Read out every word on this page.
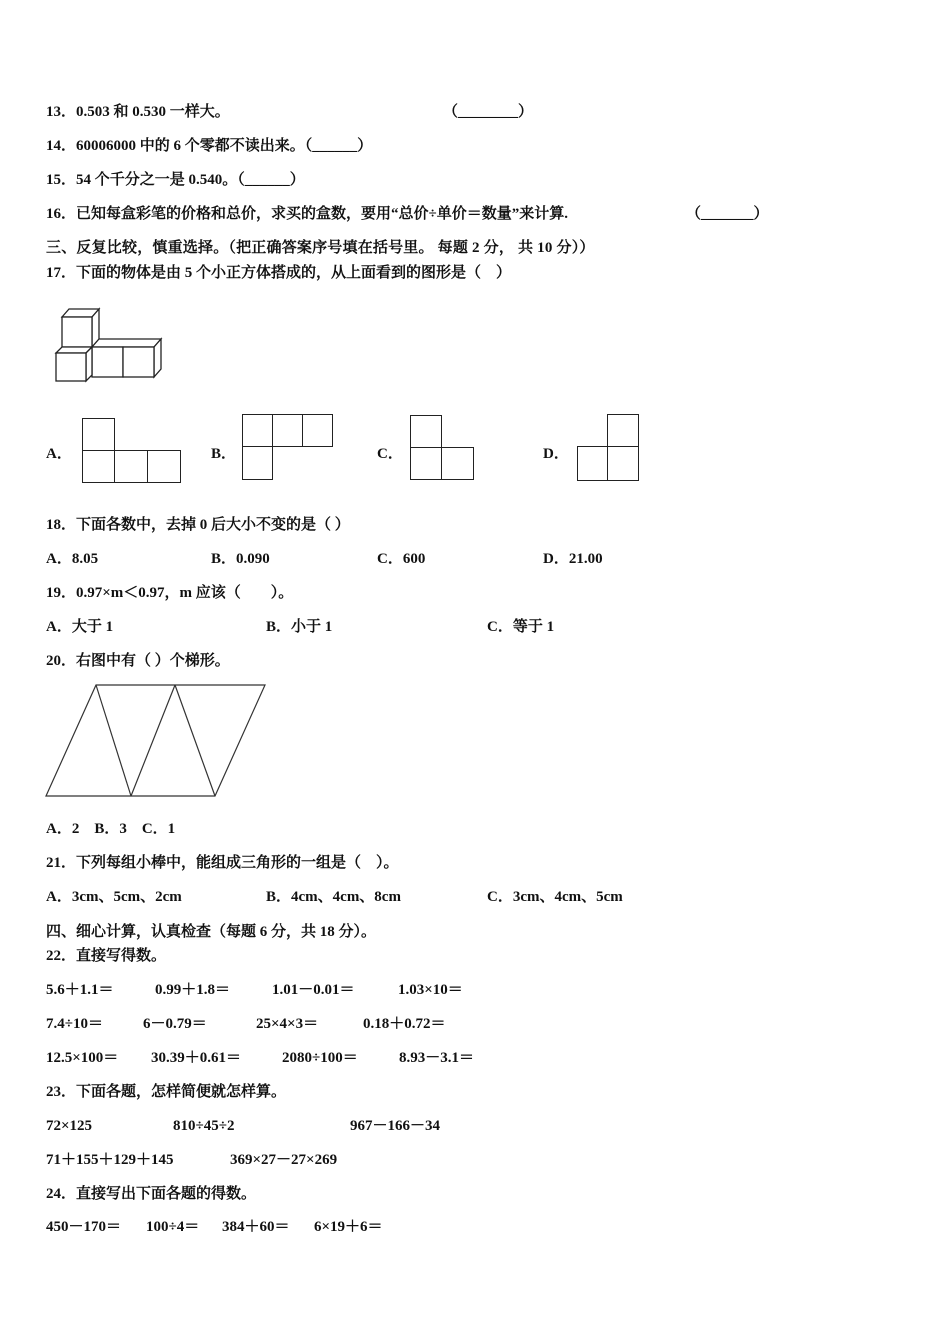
13．0.503 和 0.530 一样大。	（________）
14．60006000 中的 6 个零都不读出来。（______）
15．54 个千分之一是 0.540。（______）
16．已知每盒彩笔的价格和总价，求买的盒数，要用“总价÷单价＝数量”来计算.	（_______）
三、反复比较，慎重选择。（把正确答案序号填在括号里。 每题 2 分， 共 10 分））
17．下面的物体是由 5 个小正方体搭成的，从上面看到的图形是（　）
A．	B．	C．	D．
18．下面各数中，去掉 0 后大小不变的是（ ）
A．8.05	B．0.090	C．600	D．21.00
19．0.97×m＜0.97，m 应该（　　）。
A．大于 1	B．小于 1	C．等于 1
20．右图中有（ ）个梯形。
A．2　B．3　C．1
21．下列每组小棒中，能组成三角形的一组是（　）。
A．3cm、5cm、2cm	B．4cm、4cm、8cm	C．3cm、4cm、5cm
四、细心计算，认真检查（每题 6 分，共 18 分）。
22．直接写得数。
5.6＋1.1＝	0.99＋1.8＝	1.01－0.01＝	1.03×10＝
7.4÷10＝	6－0.79＝	25×4×3＝	0.18＋0.72＝
12.5×100＝ 30.39＋0.61＝	2080÷100＝	8.93－3.1＝
23．下面各题，怎样简便就怎样算。
72×125	810÷45÷2	967－166－34
71＋155＋129＋145	369×27－27×269
24．直接写出下面各题的得数。
450－170＝ 100÷4＝ 384＋60＝ 6×19＋6＝
